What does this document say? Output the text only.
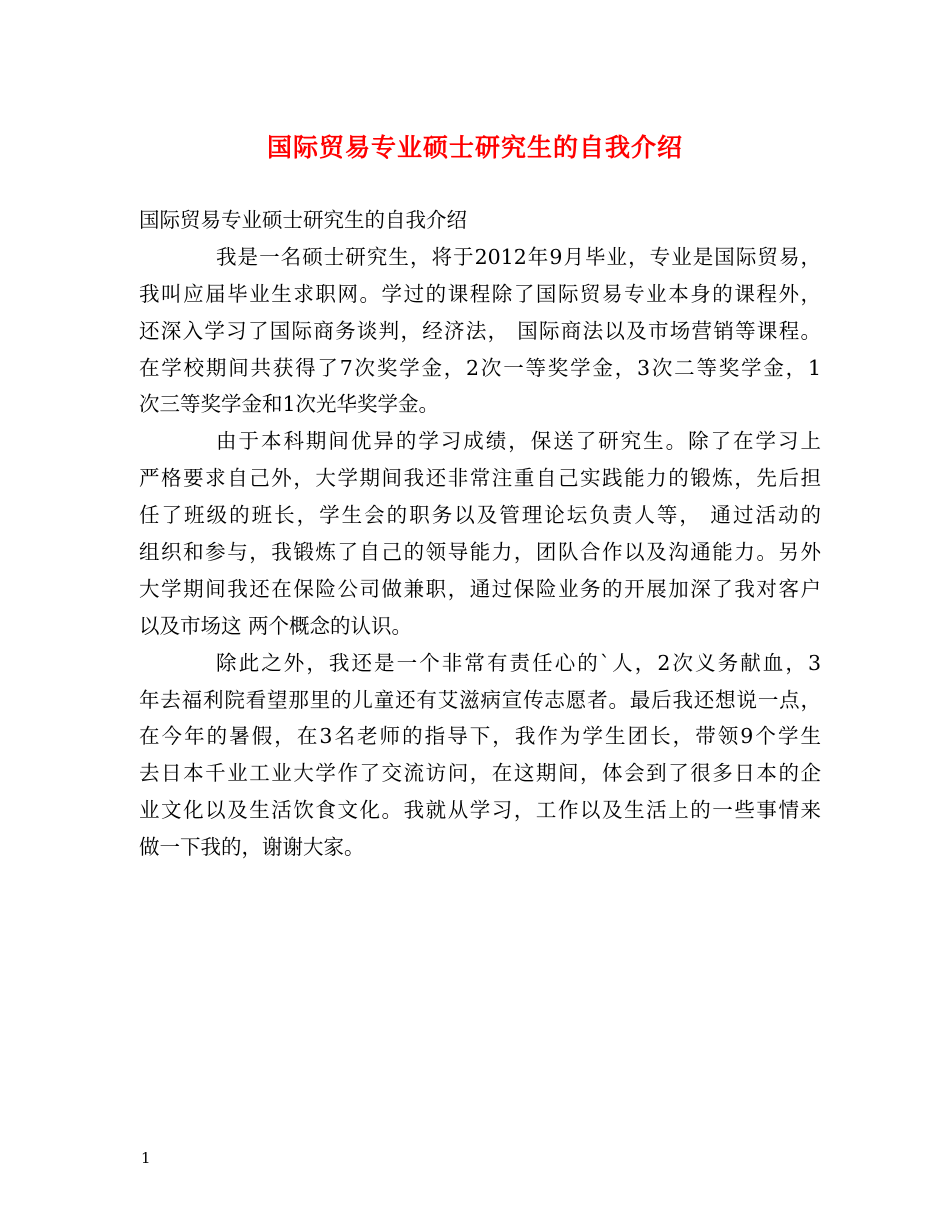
国际贸易专业硕士研究生的自我介绍
国际贸易专业硕士研究生的自我介绍
我是一名硕士研究生，将于2012年9月毕业，专业是国际贸易，
我叫应届毕业生求职网。学过的课程除了国际贸易专业本身的课程外，
还深入学习了国际商务谈判，经济法， 国际商法以及市场营销等课程。
在学校期间共获得了7次奖学金，2次一等奖学金，3次二等奖学金，1
次三等奖学金和1次光华奖学金。
由于本科期间优异的学习成绩，保送了研究生。除了在学习上
严格要求自己外，大学期间我还非常注重自己实践能力的锻炼，先后担
任了班级的班长，学生会的职务以及管理论坛负责人等， 通过活动的
组织和参与，我锻炼了自己的领导能力，团队合作以及沟通能力。另外
大学期间我还在保险公司做兼职，通过保险业务的开展加深了我对客户
以及市场这 两个概念的认识。
除此之外，我还是一个非常有责任心的`人，2次义务献血，3
年去福利院看望那里的儿童还有艾滋病宣传志愿者。最后我还想说一点，
在今年的暑假，在3名老师的指导下，我作为学生团长，带领9个学生
去日本千业工业大学作了交流访问，在这期间，体会到了很多日本的企
业文化以及生活饮食文化。我就从学习，工作以及生活上的一些事情来
做一下我的，谢谢大家。
1
